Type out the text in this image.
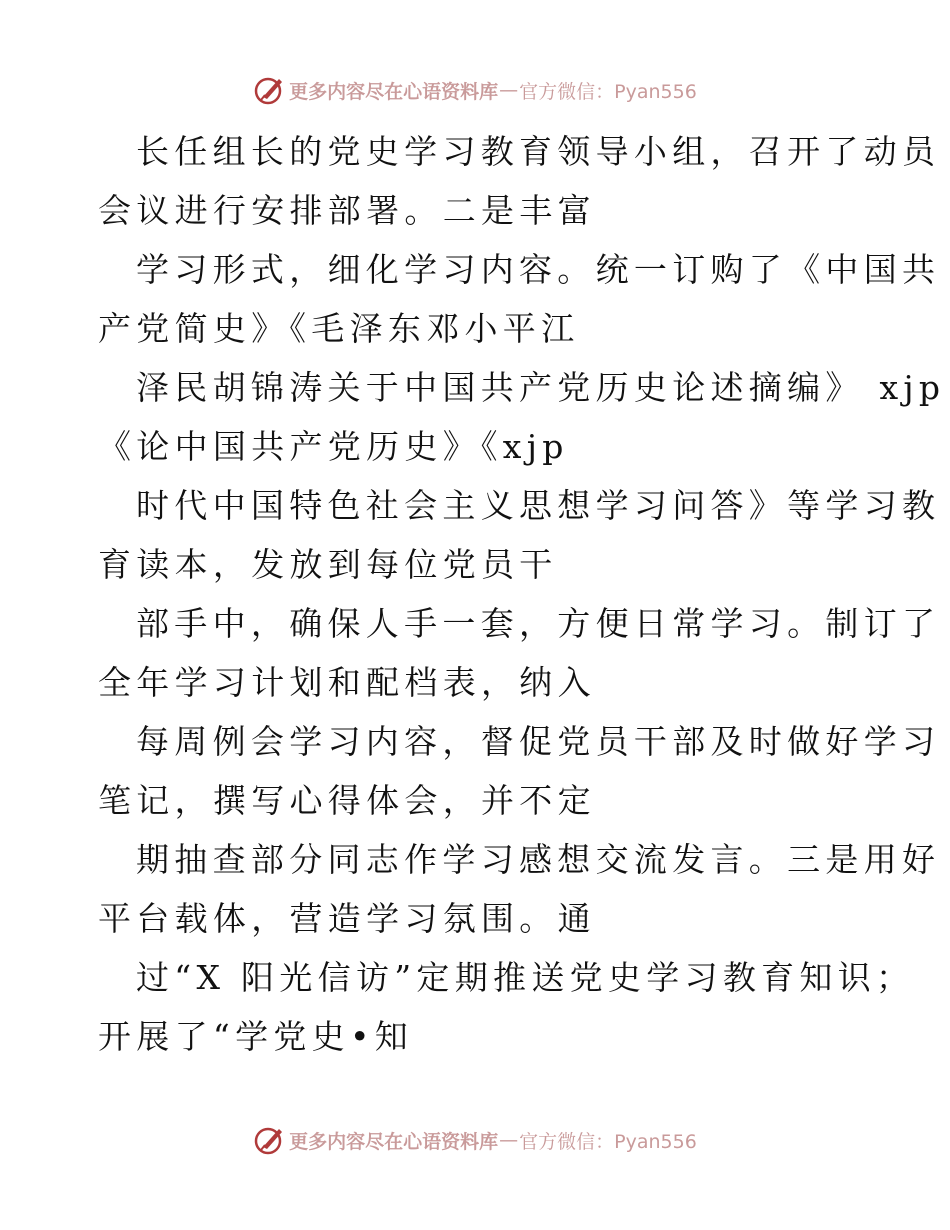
更多内容尽在心语资料库 — 官方微信：Pyan556
长任组长的党史学习教育领导小组，召开了动员
会议进行安排部署。二是丰富
学习形式，细化学习内容。统一订购了《中国共
产党简史》《毛泽东邓小平江
泽民胡锦涛关于中国共产党历史论述摘编》 xjp
《论中国共产党历史》《xjp
时代中国特色社会主义思想学习问答》等学习教
育读本，发放到每位党员干
部手中，确保人手一套，方便日常学习。制订了
全年学习计划和配档表，纳入
每周例会学习内容，督促党员干部及时做好学习
笔记，撰写心得体会，并不定
期抽查部分同志作学习感想交流发言。三是用好
平台载体，营造学习氛围。通
过“X 阳光信访”定期推送党史学习教育知识；
开展了“学党史•知
更多内容尽在心语资料库 — 官方微信：Pyan556
